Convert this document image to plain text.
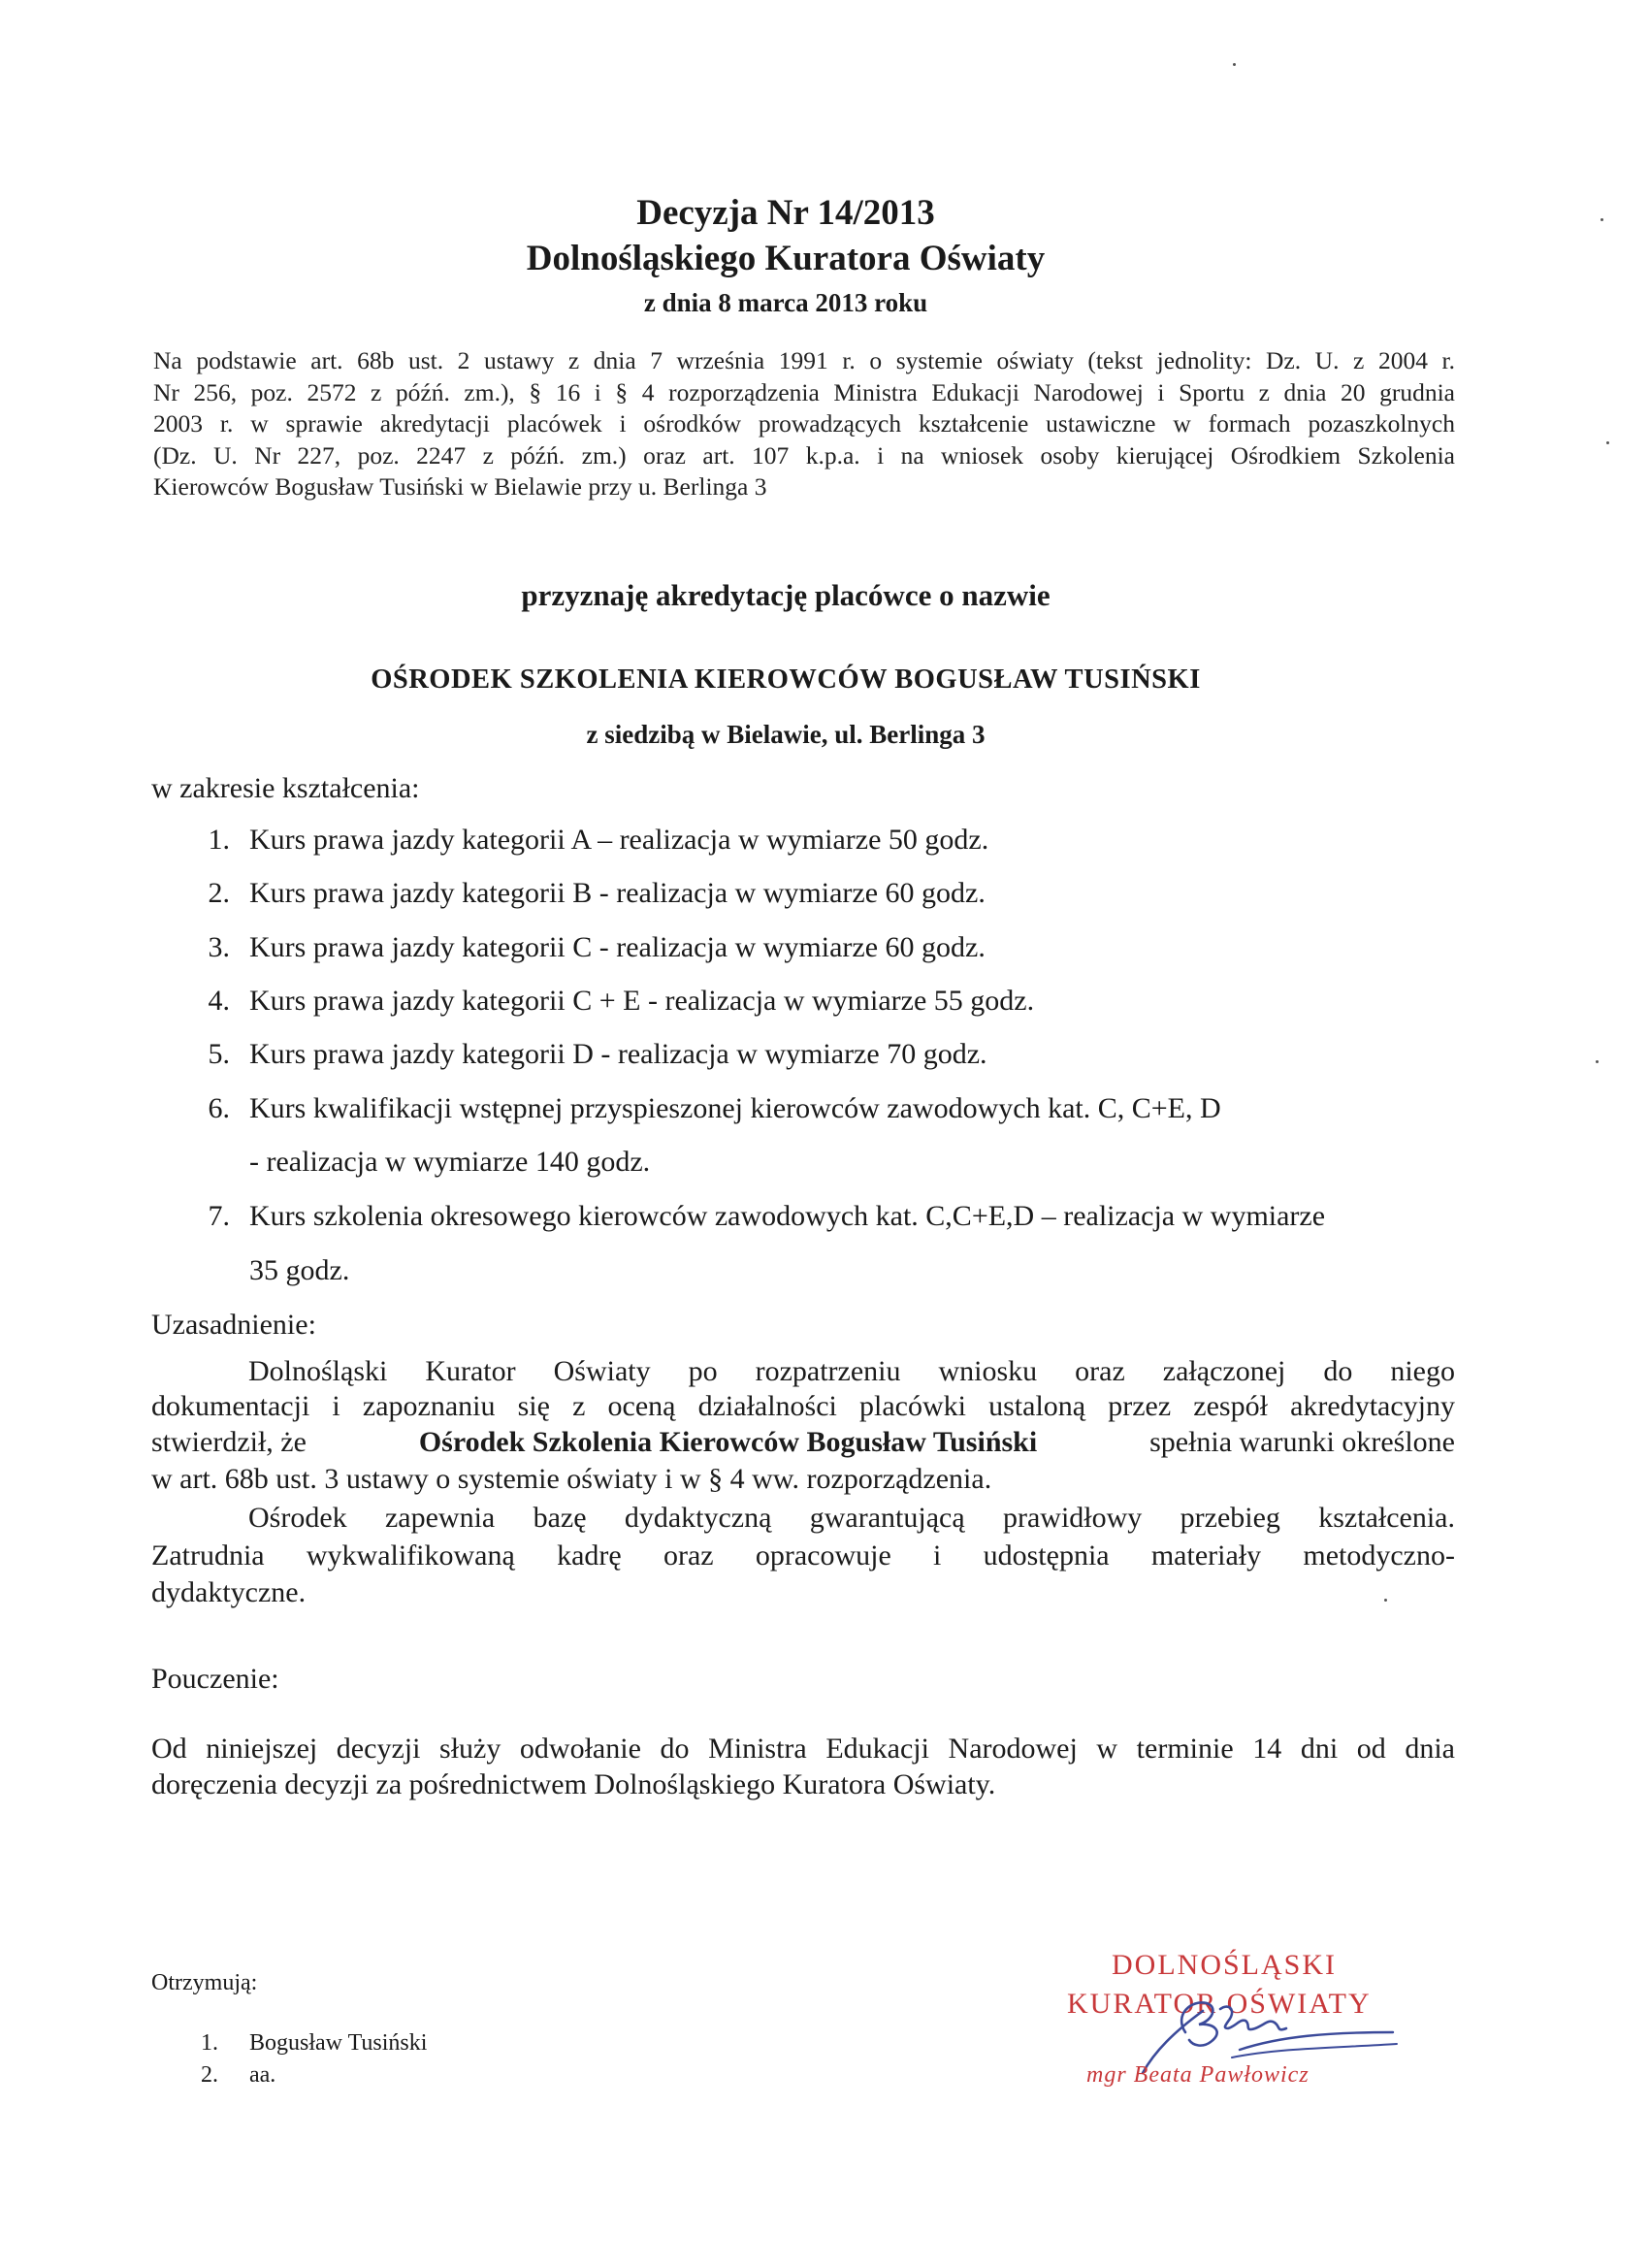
Decyzja Nr 14/2013
Dolnośląskiego Kuratora Oświaty
z dnia 8 marca 2013 roku
Na podstawie art. 68b ust. 2 ustawy z dnia 7 września 1991 r. o systemie oświaty (tekst jednolity: Dz. U. z 2004 r.
Nr 256, poz. 2572 z późń. zm.), § 16 i § 4 rozporządzenia Ministra Edukacji Narodowej i Sportu z dnia 20 grudnia
2003 r. w sprawie akredytacji placówek i ośrodków prowadzących kształcenie ustawiczne w formach pozaszkolnych
(Dz. U. Nr 227, poz. 2247 z późń. zm.) oraz art. 107 k.p.a. i na wniosek osoby kierującej Ośrodkiem Szkolenia
Kierowców Bogusław Tusiński w Bielawie przy u. Berlinga 3
przyznaję akredytację placówce o nazwie
OŚRODEK SZKOLENIA KIEROWCÓW BOGUSŁAW TUSIŃSKI
z siedzibą w Bielawie, ul. Berlinga 3
w zakresie kształcenia:
1. Kurs prawa jazdy kategorii A – realizacja w wymiarze 50 godz.
2. Kurs prawa jazdy kategorii B - realizacja w wymiarze 60 godz.
3. Kurs prawa jazdy kategorii C - realizacja w wymiarze 60 godz.
4. Kurs prawa jazdy kategorii C + E - realizacja w wymiarze 55 godz.
5. Kurs prawa jazdy kategorii D - realizacja w wymiarze 70 godz.
6. Kurs kwalifikacji wstępnej przyspieszonej kierowców zawodowych kat. C, C+E, D
- realizacja w wymiarze 140 godz.
7. Kurs szkolenia okresowego kierowców zawodowych kat. C,C+E,D – realizacja w wymiarze
35 godz.
Uzasadnienie:
Dolnośląski Kurator Oświaty po rozpatrzeniu wniosku oraz załączonej do niego
dokumentacji i zapoznaniu się z oceną działalności placówki ustaloną przez zespół akredytacyjny
stwierdził, że	Ośrodek Szkolenia Kierowców Bogusław Tusiński	spełnia warunki określone
w art. 68b ust. 3 ustawy o systemie oświaty i w § 4 ww. rozporządzenia.
Ośrodek zapewnia bazę dydaktyczną gwarantującą prawidłowy przebieg kształcenia.
Zatrudnia wykwalifikowaną kadrę oraz opracowuje i udostępnia materiały metodyczno-
dydaktyczne.
Pouczenie:
Od niniejszej decyzji służy odwołanie do Ministra Edukacji Narodowej w terminie 14 dni od dnia
doręczenia decyzji za pośrednictwem Dolnośląskiego Kuratora Oświaty.
Otrzymują:
1. Bogusław Tusiński
2. aa.
DOLNOŚLĄSKI
KURATOR OŚWIATY
mgr Beata Pawłowicz
